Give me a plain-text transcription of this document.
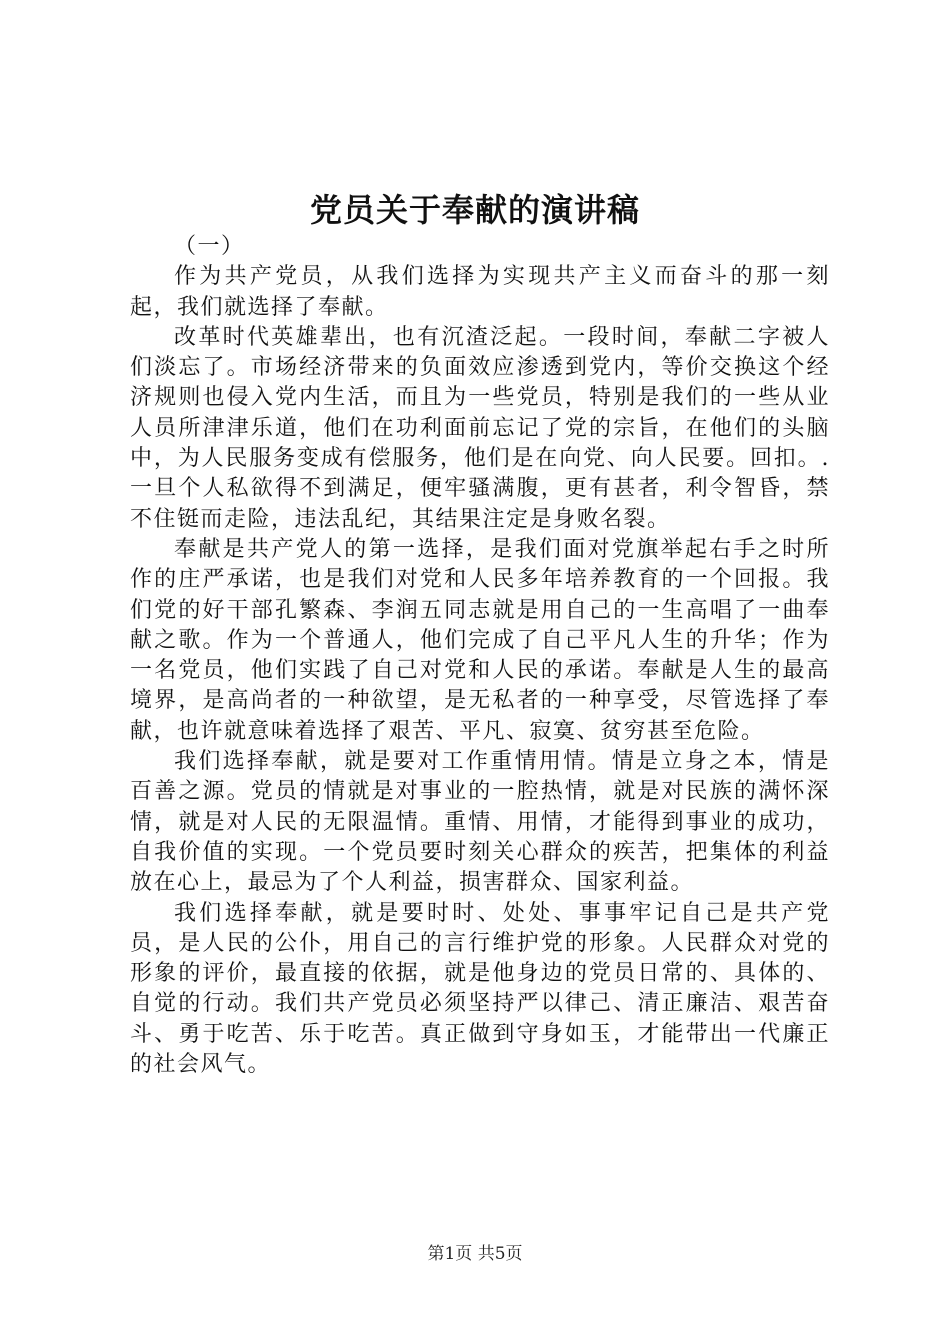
党员关于奉献的演讲稿

（一）

作为共产党员，从我们选择为实现共产主义而奋斗的那一刻起，我们就选择了奉献。

改革时代英雄辈出，也有沉渣泛起。一段时间，奉献二字被人们淡忘了。市场经济带来的负面效应渗透到党内，等价交换这个经济规则也侵入党内生活，而且为一些党员，特别是我们的一些从业人员所津津乐道，他们在功利面前忘记了党的宗旨，在他们的头脑中，为人民服务变成有偿服务，他们是在向党、向人民要。回扣。.一旦个人私欲得不到满足，便牢骚满腹，更有甚者，利令智昏，禁不住铤而走险，违法乱纪，其结果注定是身败名裂。

奉献是共产党人的第一选择，是我们面对党旗举起右手之时所作的庄严承诺，也是我们对党和人民多年培养教育的一个回报。我们党的好干部孔繁森、李润五同志就是用自己的一生高唱了一曲奉献之歌。作为一个普通人，他们完成了自己平凡人生的升华；作为一名党员，他们实践了自己对党和人民的承诺。奉献是人生的最高境界，是高尚者的一种欲望，是无私者的一种享受，尽管选择了奉献，也许就意味着选择了艰苦、平凡、寂寞、贫穷甚至危险。

我们选择奉献，就是要对工作重情用情。情是立身之本，情是百善之源。党员的情就是对事业的一腔热情，就是对民族的满怀深情，就是对人民的无限温情。重情、用情，才能得到事业的成功，自我价值的实现。一个党员要时刻关心群众的疾苦，把集体的利益放在心上，最忌为了个人利益，损害群众、国家利益。

我们选择奉献，就是要时时、处处、事事牢记自己是共产党员，是人民的公仆，用自己的言行维护党的形象。人民群众对党的形象的评价，最直接的依据，就是他身边的党员日常的、具体的、自觉的行动。我们共产党员必须坚持严以律己、清正廉洁、艰苦奋斗、勇于吃苦、乐于吃苦。真正做到守身如玉，才能带出一代廉正的社会风气。

第1页 共5页
